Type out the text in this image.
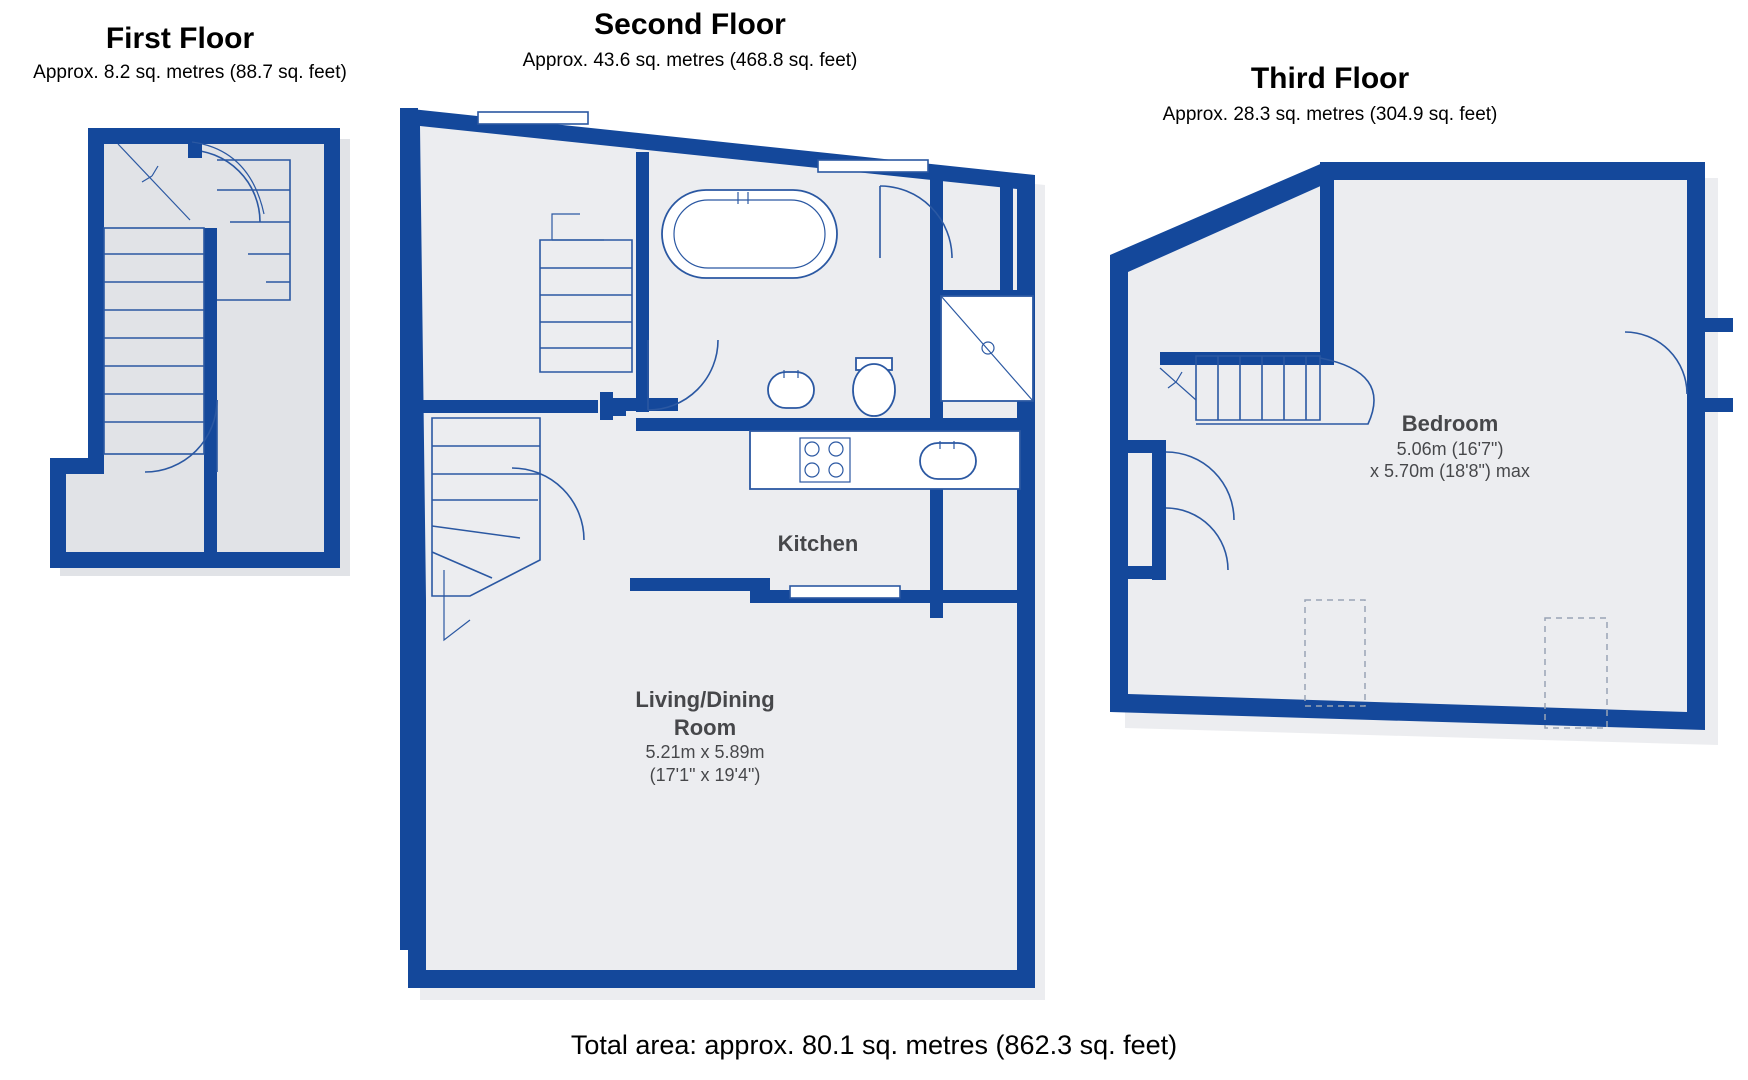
First Floor
Approx. 8.2 sq. metres (88.7 sq. feet)
Second Floor
Approx. 43.6 sq. metres (468.8 sq. feet)
Third Floor
Approx. 28.3 sq. metres (304.9 sq. feet)
Kitchen
Living/Dining
Room
5.21m x 5.89m
(17'1" x 19'4")
Bedroom
5.06m (16'7")
x 5.70m (18'8") max
Total area: approx. 80.1 sq. metres (862.3 sq. feet)
